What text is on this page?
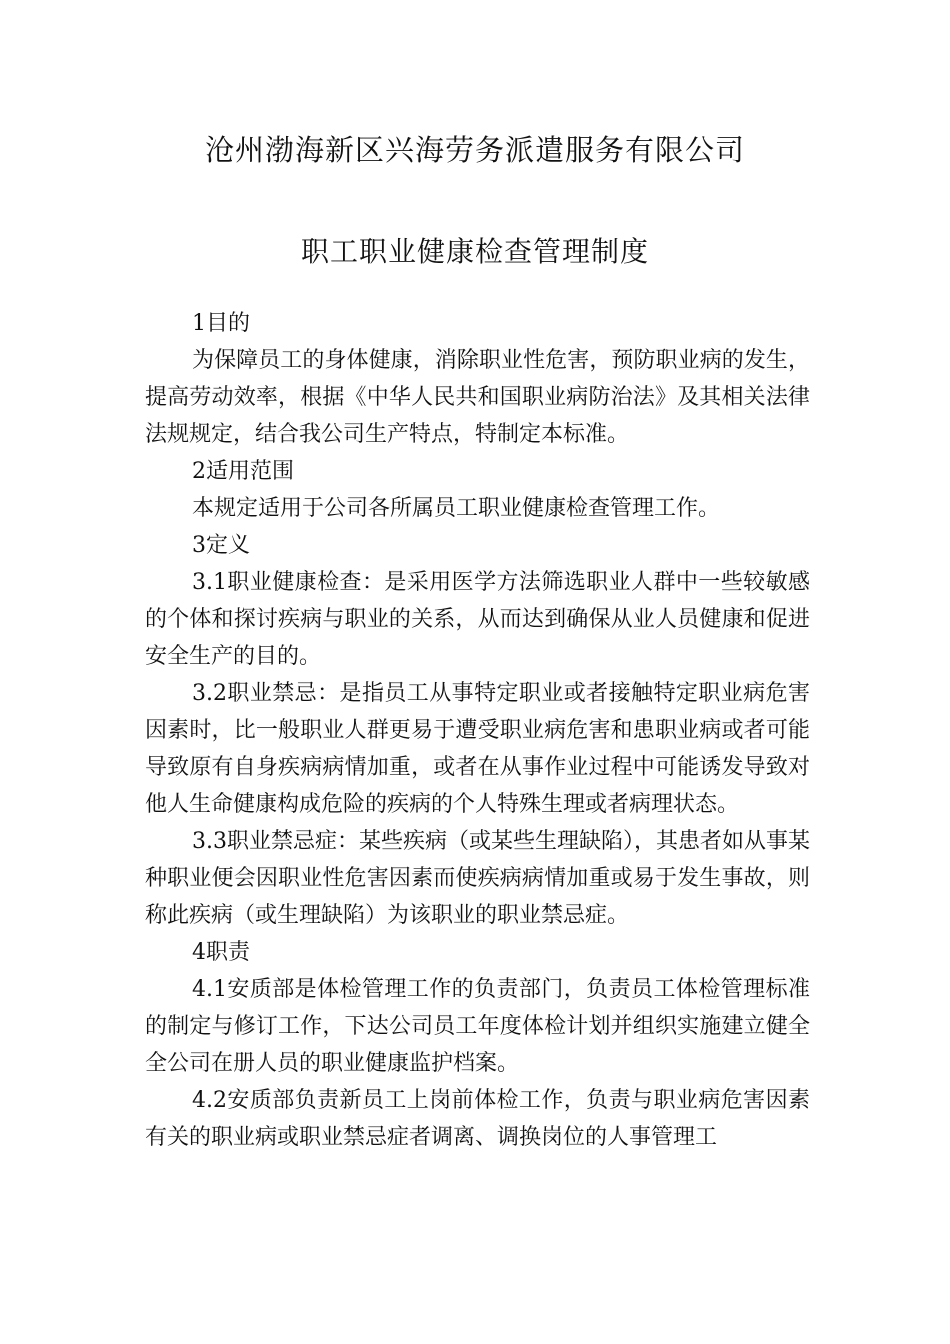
沧州渤海新区兴海劳务派遣服务有限公司
职工职业健康检查管理制度

1目的

为保障员工的身体健康，消除职业性危害，预防职业病的发生，提高劳动效率，根据《中华人民共和国职业病防治法》及其相关法律法规规定，结合我公司生产特点，特制定本标准。

2适用范围

本规定适用于公司各所属员工职业健康检查管理工作。

3定义

3.1职业健康检查：是采用医学方法筛选职业人群中一些较敏感的个体和探讨疾病与职业的关系，从而达到确保从业人员健康和促进安全生产的目的。

3.2职业禁忌：是指员工从事特定职业或者接触特定职业病危害因素时，比一般职业人群更易于遭受职业病危害和患职业病或者可能导致原有自身疾病病情加重，或者在从事作业过程中可能诱发导致对他人生命健康构成危险的疾病的个人特殊生理或者病理状态。

3.3职业禁忌症：某些疾病（或某些生理缺陷），其患者如从事某种职业便会因职业性危害因素而使疾病病情加重或易于发生事故，则称此疾病（或生理缺陷）为该职业的职业禁忌症。

4职责

4.1安质部是体检管理工作的负责部门，负责员工体检管理标准的制定与修订工作，下达公司员工年度体检计划并组织实施建立健全全公司在册人员的职业健康监护档案。

4.2安质部负责新员工上岗前体检工作，负责与职业病危害因素有关的职业病或职业禁忌症者调离、调换岗位的人事管理工
